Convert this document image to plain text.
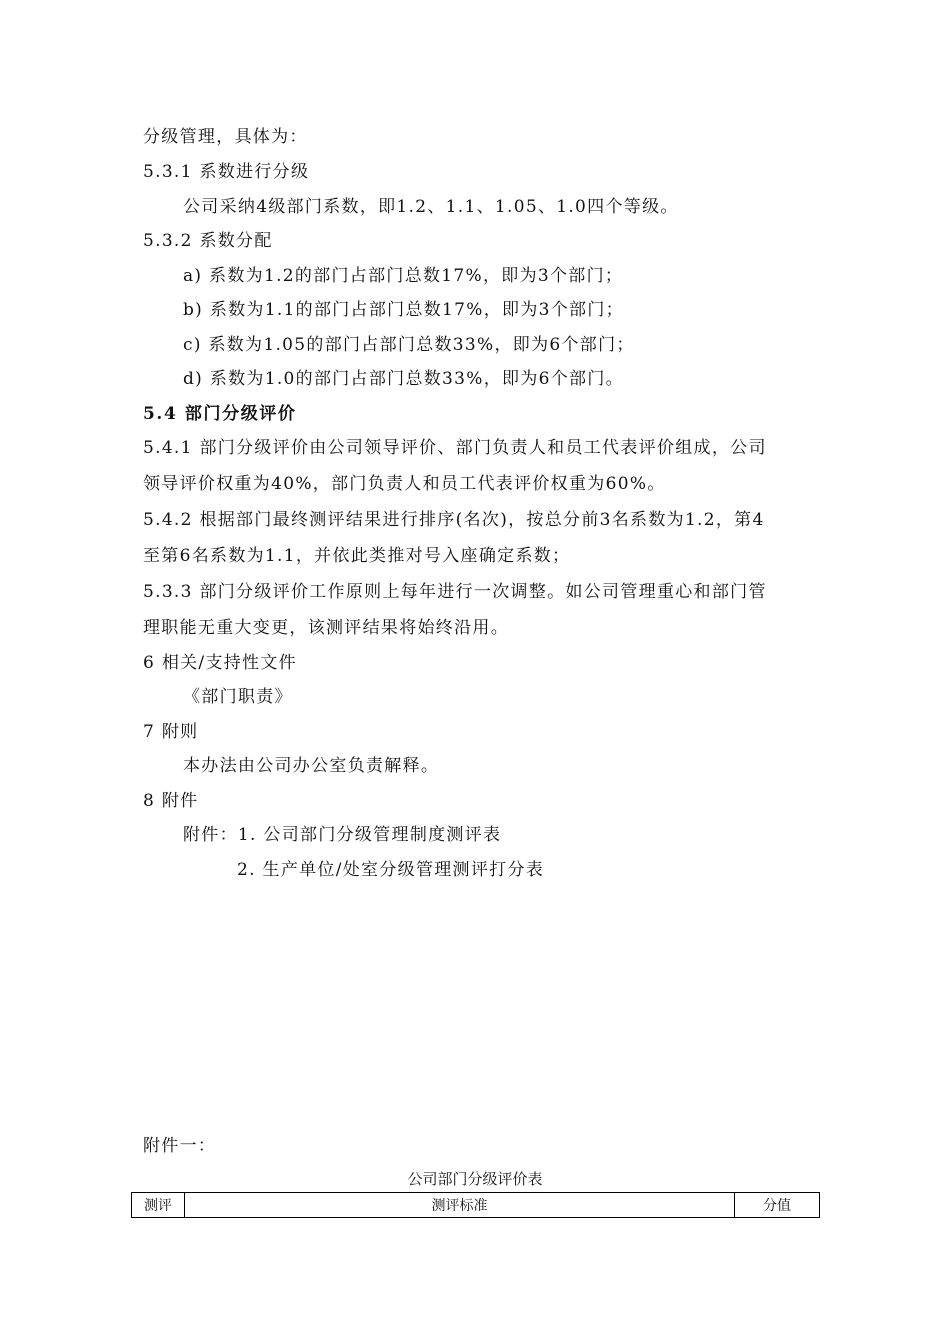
分级管理，具体为：
5.3.1 系数进行分级
公司采纳4级部门系数，即1.2、1.1、1.05、1.0四个等级。
5.3.2 系数分配
a) 系数为1.2的部门占部门总数17%，即为3个部门；
b) 系数为1.1的部门占部门总数17%，即为3个部门；
c) 系数为1.05的部门占部门总数33%，即为6个部门；
d) 系数为1.0的部门占部门总数33%，即为6个部门。
5.4 部门分级评价
5.4.1 部门分级评价由公司领导评价、部门负责人和员工代表评价组成，公司
领导评价权重为40%，部门负责人和员工代表评价权重为60%。
5.4.2 根据部门最终测评结果进行排序(名次)，按总分前3名系数为1.2，第4
至第6名系数为1.1，并依此类推对号入座确定系数；
5.3.3 部门分级评价工作原则上每年进行一次调整。如公司管理重心和部门管
理职能无重大变更，该测评结果将始终沿用。
6 相关/支持性文件
《部门职责》
7 附则
本办法由公司办公室负责解释。
8 附件
附件：1. 公司部门分级管理制度测评表
2. 生产单位/处室分级管理测评打分表
附件一：
公司部门分级评价表
测评	测评标准	分值
